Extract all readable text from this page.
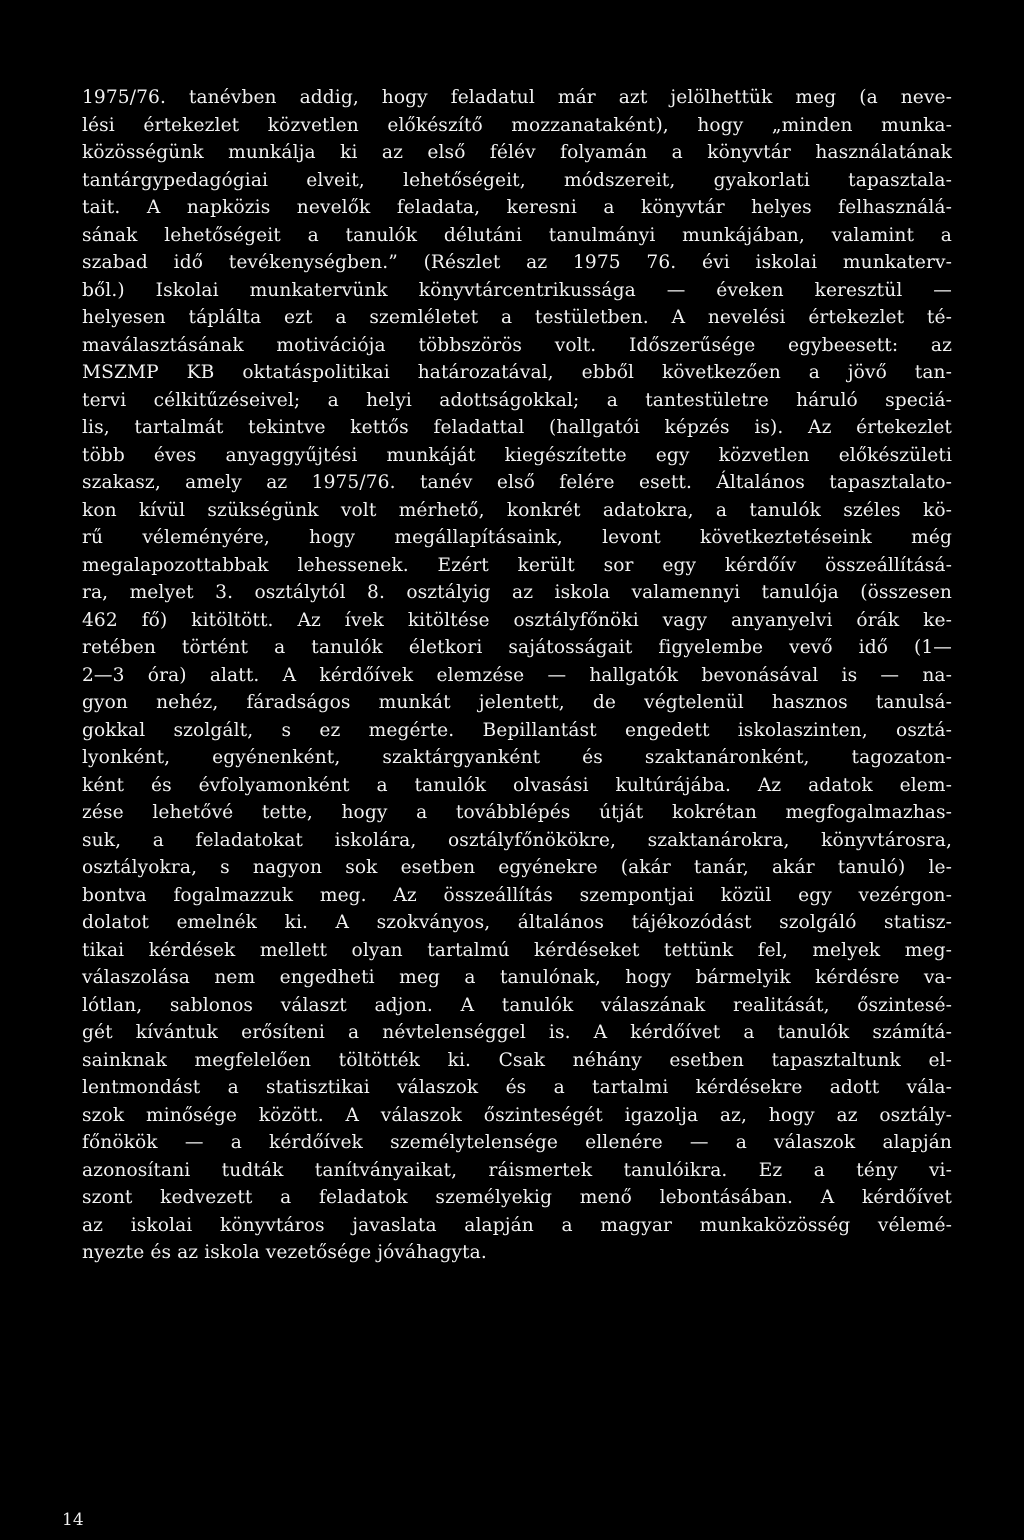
1975/76. tanévben addig, hogy feladatul már azt jelölhettük meg (a neve-
lési értekezlet közvetlen előkészítő mozzanataként), hogy „minden munka-
közösségünk munkálja ki az első félév folyamán a könyvtár használatának
tantárgypedagógiai elveit, lehetőségeit, módszereit, gyakorlati tapasztala-
tait. A napközis nevelők feladata, keresni a könyvtár helyes felhasználá-
sának lehetőségeit a tanulók délutáni tanulmányi munkájában, valamint a
szabad idő tevékenységben.” (Részlet az 1975 76. évi iskolai munkaterv-
ből.) Iskolai munkatervünk könyvtárcentrikussága — éveken keresztül —
helyesen táplálta ezt a szemléletet a testületben. A nevelési értekezlet té-
maválasztásának motivációja többszörös volt. Időszerűsége egybeesett: az
MSZMP KB oktatáspolitikai határozatával, ebből következően a jövő tan-
tervi célkitűzéseivel; a helyi adottságokkal; a tantestületre háruló speciá-
lis, tartalmát tekintve kettős feladattal (hallgatói képzés is). Az értekezlet
több éves anyaggyűjtési munkáját kiegészítette egy közvetlen előkészületi
szakasz, amely az 1975/76. tanév első felére esett. Általános tapasztalato-
kon kívül szükségünk volt mérhető, konkrét adatokra, a tanulók széles kö-
rű véleményére, hogy megállapításaink, levont következtetéseink még
megalapozottabbak lehessenek. Ezért került sor egy kérdőív összeállításá-
ra, melyet 3. osztálytól 8. osztályig az iskola valamennyi tanulója (összesen
462 fő) kitöltött. Az ívek kitöltése osztályfőnöki vagy anyanyelvi órák ke-
retében történt a tanulók életkori sajátosságait figyelembe vevő idő (1—
2—3 óra) alatt. A kérdőívek elemzése — hallgatók bevonásával is — na-
gyon nehéz, fáradságos munkát jelentett, de végtelenül hasznos tanulsá-
gokkal szolgált, s ez megérte. Bepillantást engedett iskolaszinten, osztá-
lyonként, egyénenként, szaktárgyanként és szaktanáronként, tagozaton-
ként és évfolyamonként a tanulók olvasási kultúrájába. Az adatok elem-
zése lehetővé tette, hogy a továbblépés útját kokrétan megfogalmazhas-
suk, a feladatokat iskolára, osztályfőnökökre, szaktanárokra, könyvtárosra,
osztályokra, s nagyon sok esetben egyénekre (akár tanár, akár tanuló) le-
bontva fogalmazzuk meg. Az összeállítás szempontjai közül egy vezérgon-
dolatot emelnék ki. A szokványos, általános tájékozódást szolgáló statisz-
tikai kérdések mellett olyan tartalmú kérdéseket tettünk fel, melyek meg-
válaszolása nem engedheti meg a tanulónak, hogy bármelyik kérdésre va-
lótlan, sablonos választ adjon. A tanulók válaszának realitását, őszintesé-
gét kívántuk erősíteni a névtelenséggel is. A kérdőívet a tanulók számítá-
sainknak megfelelően töltötték ki. Csak néhány esetben tapasztaltunk el-
lentmondást a statisztikai válaszok és a tartalmi kérdésekre adott vála-
szok minősége között. A válaszok őszinteségét igazolja az, hogy az osztály-
főnökök — a kérdőívek személytelensége ellenére — a válaszok alapján
azonosítani tudták tanítványaikat, ráismertek tanulóikra. Ez a tény vi-
szont kedvezett a feladatok személyekig menő lebontásában. A kérdőívet
az iskolai könyvtáros javaslata alapján a magyar munkaközösség vélemé-
nyezte és az iskola vezetősége jóváhagyta.
14
